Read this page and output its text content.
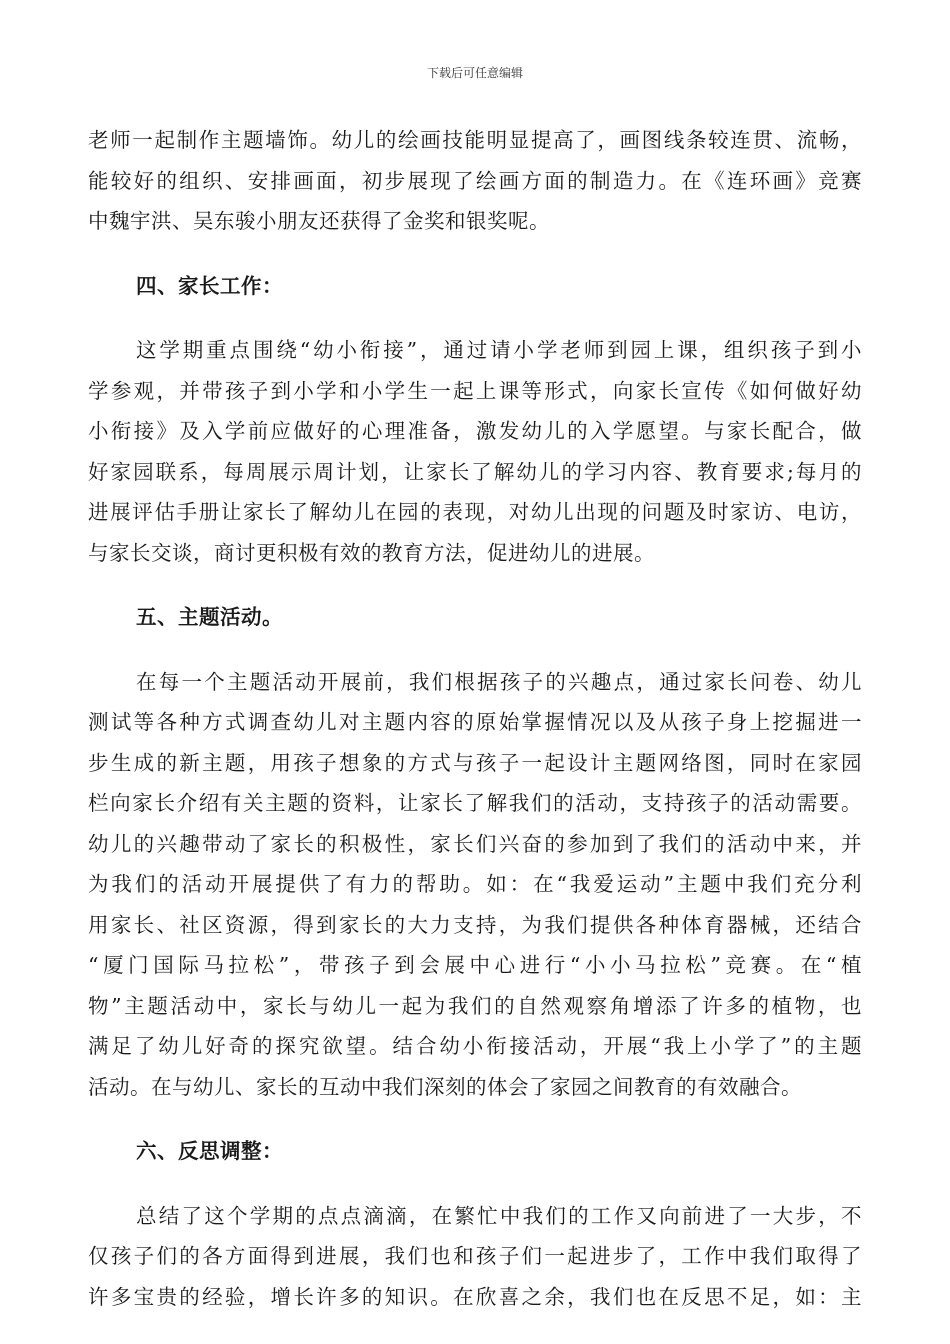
下载后可任意编辑
老师一起制作主题墙饰。幼儿的绘画技能明显提高了，画图线条较连贯、流畅，
能较好的组织、安排画面，初步展现了绘画方面的制造力。在《连环画》竞赛
中魏宇洪、吴东骏小朋友还获得了金奖和银奖呢。
四、家长工作：
这学期重点围绕“幼小衔接”，通过请小学老师到园上课，组织孩子到小
学参观，并带孩子到小学和小学生一起上课等形式，向家长宣传《如何做好幼
小衔接》及入学前应做好的心理准备，激发幼儿的入学愿望。与家长配合，做
好家园联系，每周展示周计划，让家长了解幼儿的学习内容、教育要求;每月的
进展评估手册让家长了解幼儿在园的表现，对幼儿出现的问题及时家访、电访，
与家长交谈，商讨更积极有效的教育方法，促进幼儿的进展。
五、主题活动。
在每一个主题活动开展前，我们根据孩子的兴趣点，通过家长问卷、幼儿
测试等各种方式调查幼儿对主题内容的原始掌握情况以及从孩子身上挖掘进一
步生成的新主题，用孩子想象的方式与孩子一起设计主题网络图，同时在家园
栏向家长介绍有关主题的资料，让家长了解我们的活动，支持孩子的活动需要。
幼儿的兴趣带动了家长的积极性，家长们兴奋的参加到了我们的活动中来，并
为我们的活动开展提供了有力的帮助。如：在“我爱运动”主题中我们充分利
用家长、社区资源，得到家长的大力支持，为我们提供各种体育器械，还结合
“厦门国际马拉松”，带孩子到会展中心进行“小小马拉松”竞赛。在“植
物”主题活动中，家长与幼儿一起为我们的自然观察角增添了许多的植物，也
满足了幼儿好奇的探究欲望。结合幼小衔接活动，开展“我上小学了”的主题
活动。在与幼儿、家长的互动中我们深刻的体会了家园之间教育的有效融合。
六、反思调整：
总结了这个学期的点点滴滴，在繁忙中我们的工作又向前进了一大步，不
仅孩子们的各方面得到进展，我们也和孩子们一起进步了，工作中我们取得了
许多宝贵的经验，增长许多的知识。在欣喜之余，我们也在反思不足，如：主
